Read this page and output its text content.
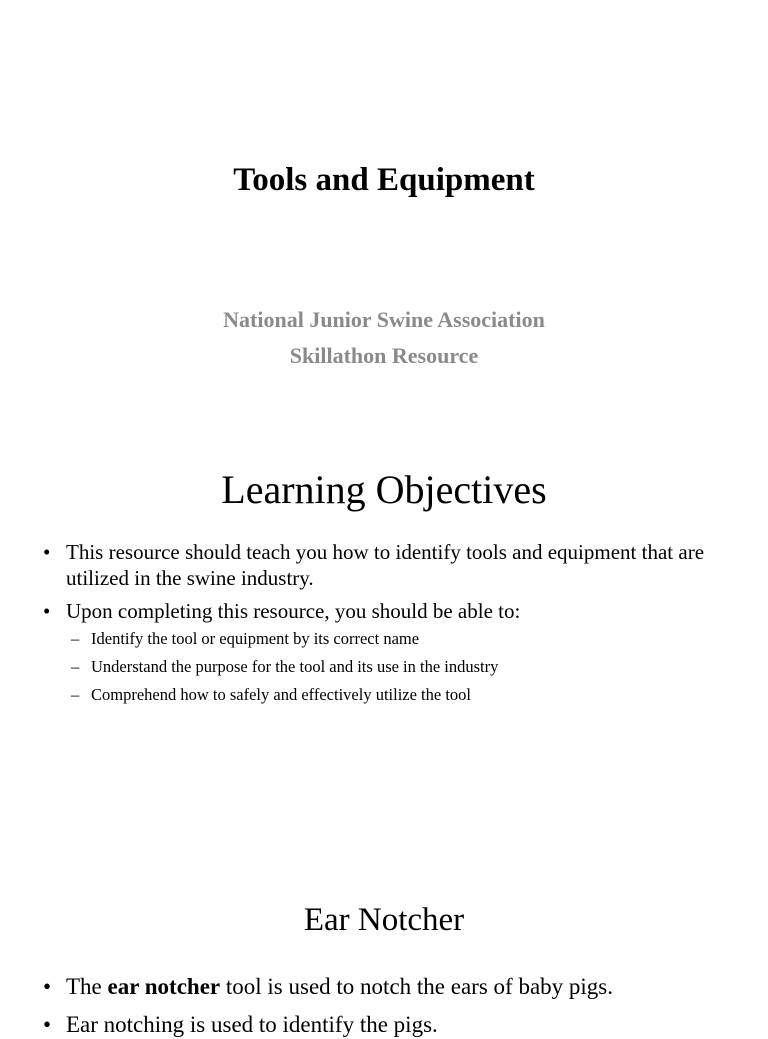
Tools and Equipment

National Junior Swine Association

Skillathon Resource

Learning Objectives
• This resource should teach you how to identify tools and equipment that are utilized in the swine industry.
• Upon completing this resource, you should be able to:
– Identify the tool or equipment by its correct name
– Understand the purpose for the tool and its use in the industry
– Comprehend how to safely and effectively utilize the tool
Ear Notcher
• The ear notcher tool is used to notch the ears of baby pigs.
• Ear notching is used to identify the pigs.
